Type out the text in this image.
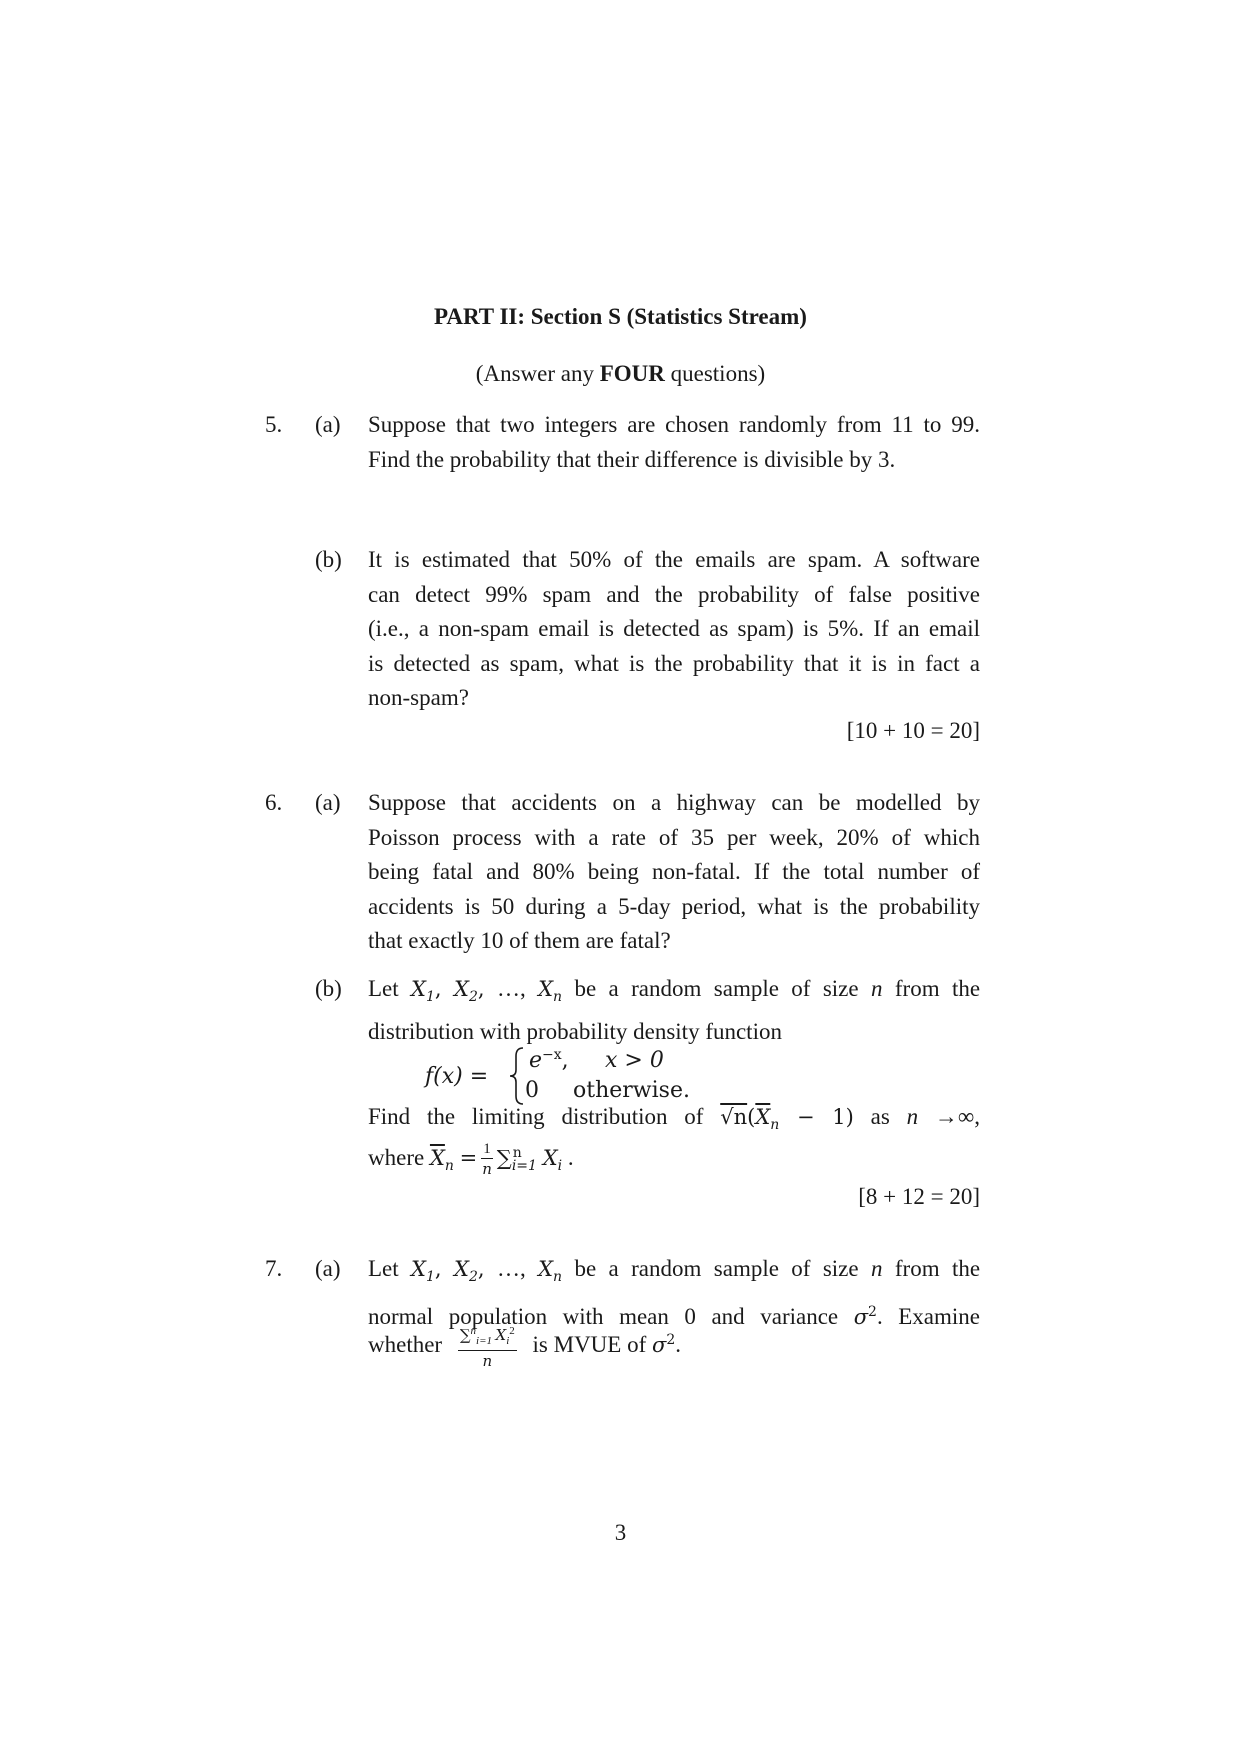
PART II: Section S (Statistics Stream)
(Answer any FOUR questions)
5. (a) Suppose that two integers are chosen randomly from 11 to 99.
Find the probability that their difference is divisible by 3.
(b) It is estimated that 50% of the emails are spam. A software
can detect 99% spam and the probability of false positive
(i.e., a non-spam email is detected as spam) is 5%. If an email
is detected as spam, what is the probability that it is in fact a
non-spam?
[10 + 10 = 20]
6. (a) Suppose that accidents on a highway can be modelled by
Poisson process with a rate of 35 per week, 20% of which
being fatal and 80% being non-fatal. If the total number of
accidents is 50 during a 5-day period, what is the probability
that exactly 10 of them are fatal?
(b) Let $X_1$, $X_2$, …, $X_n$ be a random sample of size n from the
distribution with probability density function
f(x) =
$e^{-x}$, x > 0
0 otherwise.
Find the limiting distribution of $√n(\overline{X}_n - 1)$ as n →∞,
where $\overline{X}_n = \frac{1}{n} \sum^n_{i=1}$ $X_i$ .
[8 + 12 = 20]
7. (a) Let $X_1$, $X_2$, …, $X_n$ be a random sample of size n from the
normal population with mean 0 and variance $\sigma^2$. Examine
whether $\frac{\sum^n_{i=1} X_i^2}{n}$ is MVUE of $\sigma^2$.
3
